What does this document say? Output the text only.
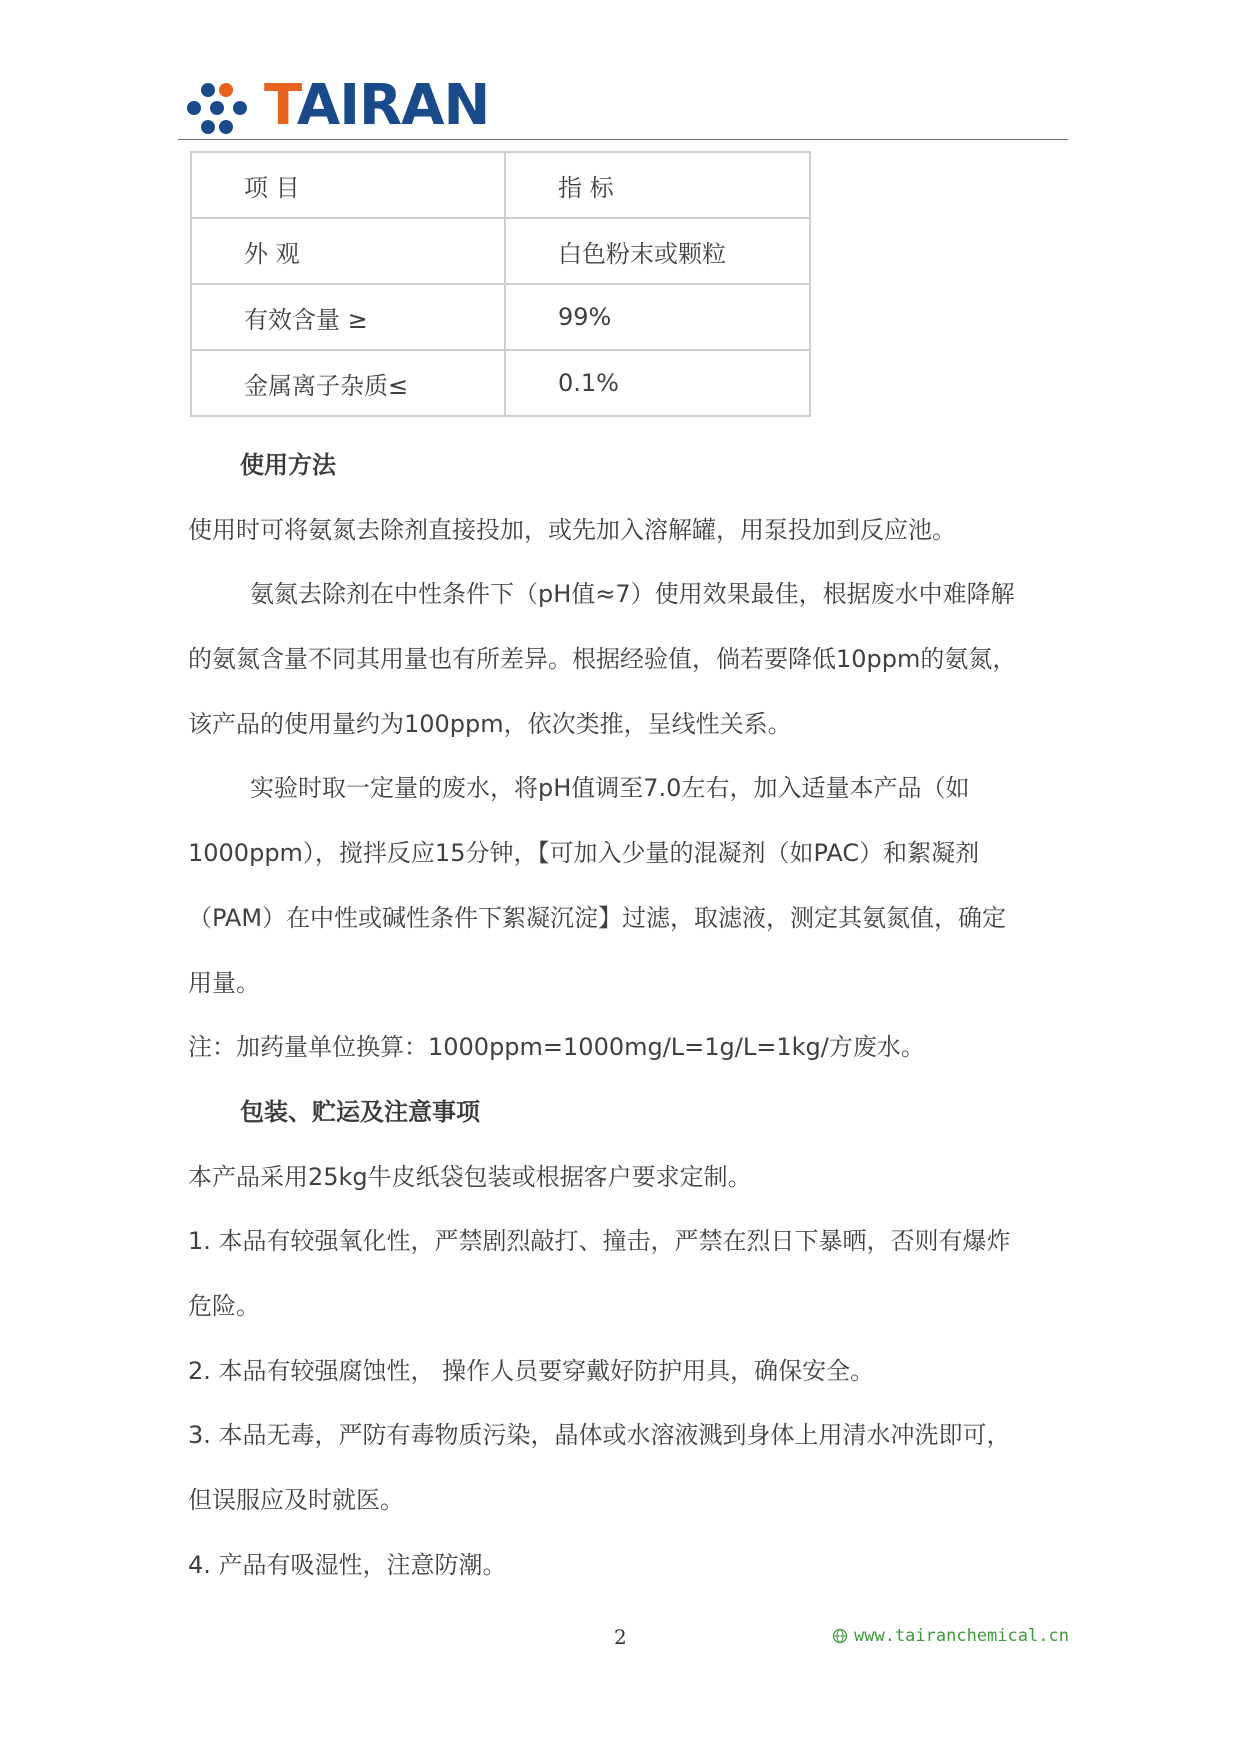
TAIRAN
项 目	指 标
外 观	白色粉末或颗粒
有效含量 ≥	99%
金属离子杂质≤	0.1%
使用方法
使用时可将氨氮去除剂直接投加，或先加入溶解罐，用泵投加到反应池。
氨氮去除剂在中性条件下（pH值≈7）使用效果最佳，根据废水中难降解
的氨氮含量不同其用量也有所差异。根据经验值，倘若要降低10ppm的氨氮，
该产品的使用量约为100ppm，依次类推，呈线性关系。
实验时取一定量的废水，将pH值调至7.0左右，加入适量本产品（如
1000ppm），搅拌反应15分钟，【可加入少量的混凝剂（如PAC）和絮凝剂
（PAM）在中性或碱性条件下絮凝沉淀】过滤，取滤液，测定其氨氮值，确定
用量。
注：加药量单位换算：1000ppm=1000mg/L=1g/L=1kg/方废水。
包装、贮运及注意事项
本产品采用25kg牛皮纸袋包装或根据客户要求定制。
1. 本品有较强氧化性，严禁剧烈敲打、撞击，严禁在烈日下暴晒，否则有爆炸
危险。
2. 本品有较强腐蚀性， 操作人员要穿戴好防护用具，确保安全。
3. 本品无毒，严防有毒物质污染，晶体或水溶液溅到身体上用清水冲洗即可，
但误服应及时就医。
4. 产品有吸湿性，注意防潮。
2	www.tairanchemical.cn
